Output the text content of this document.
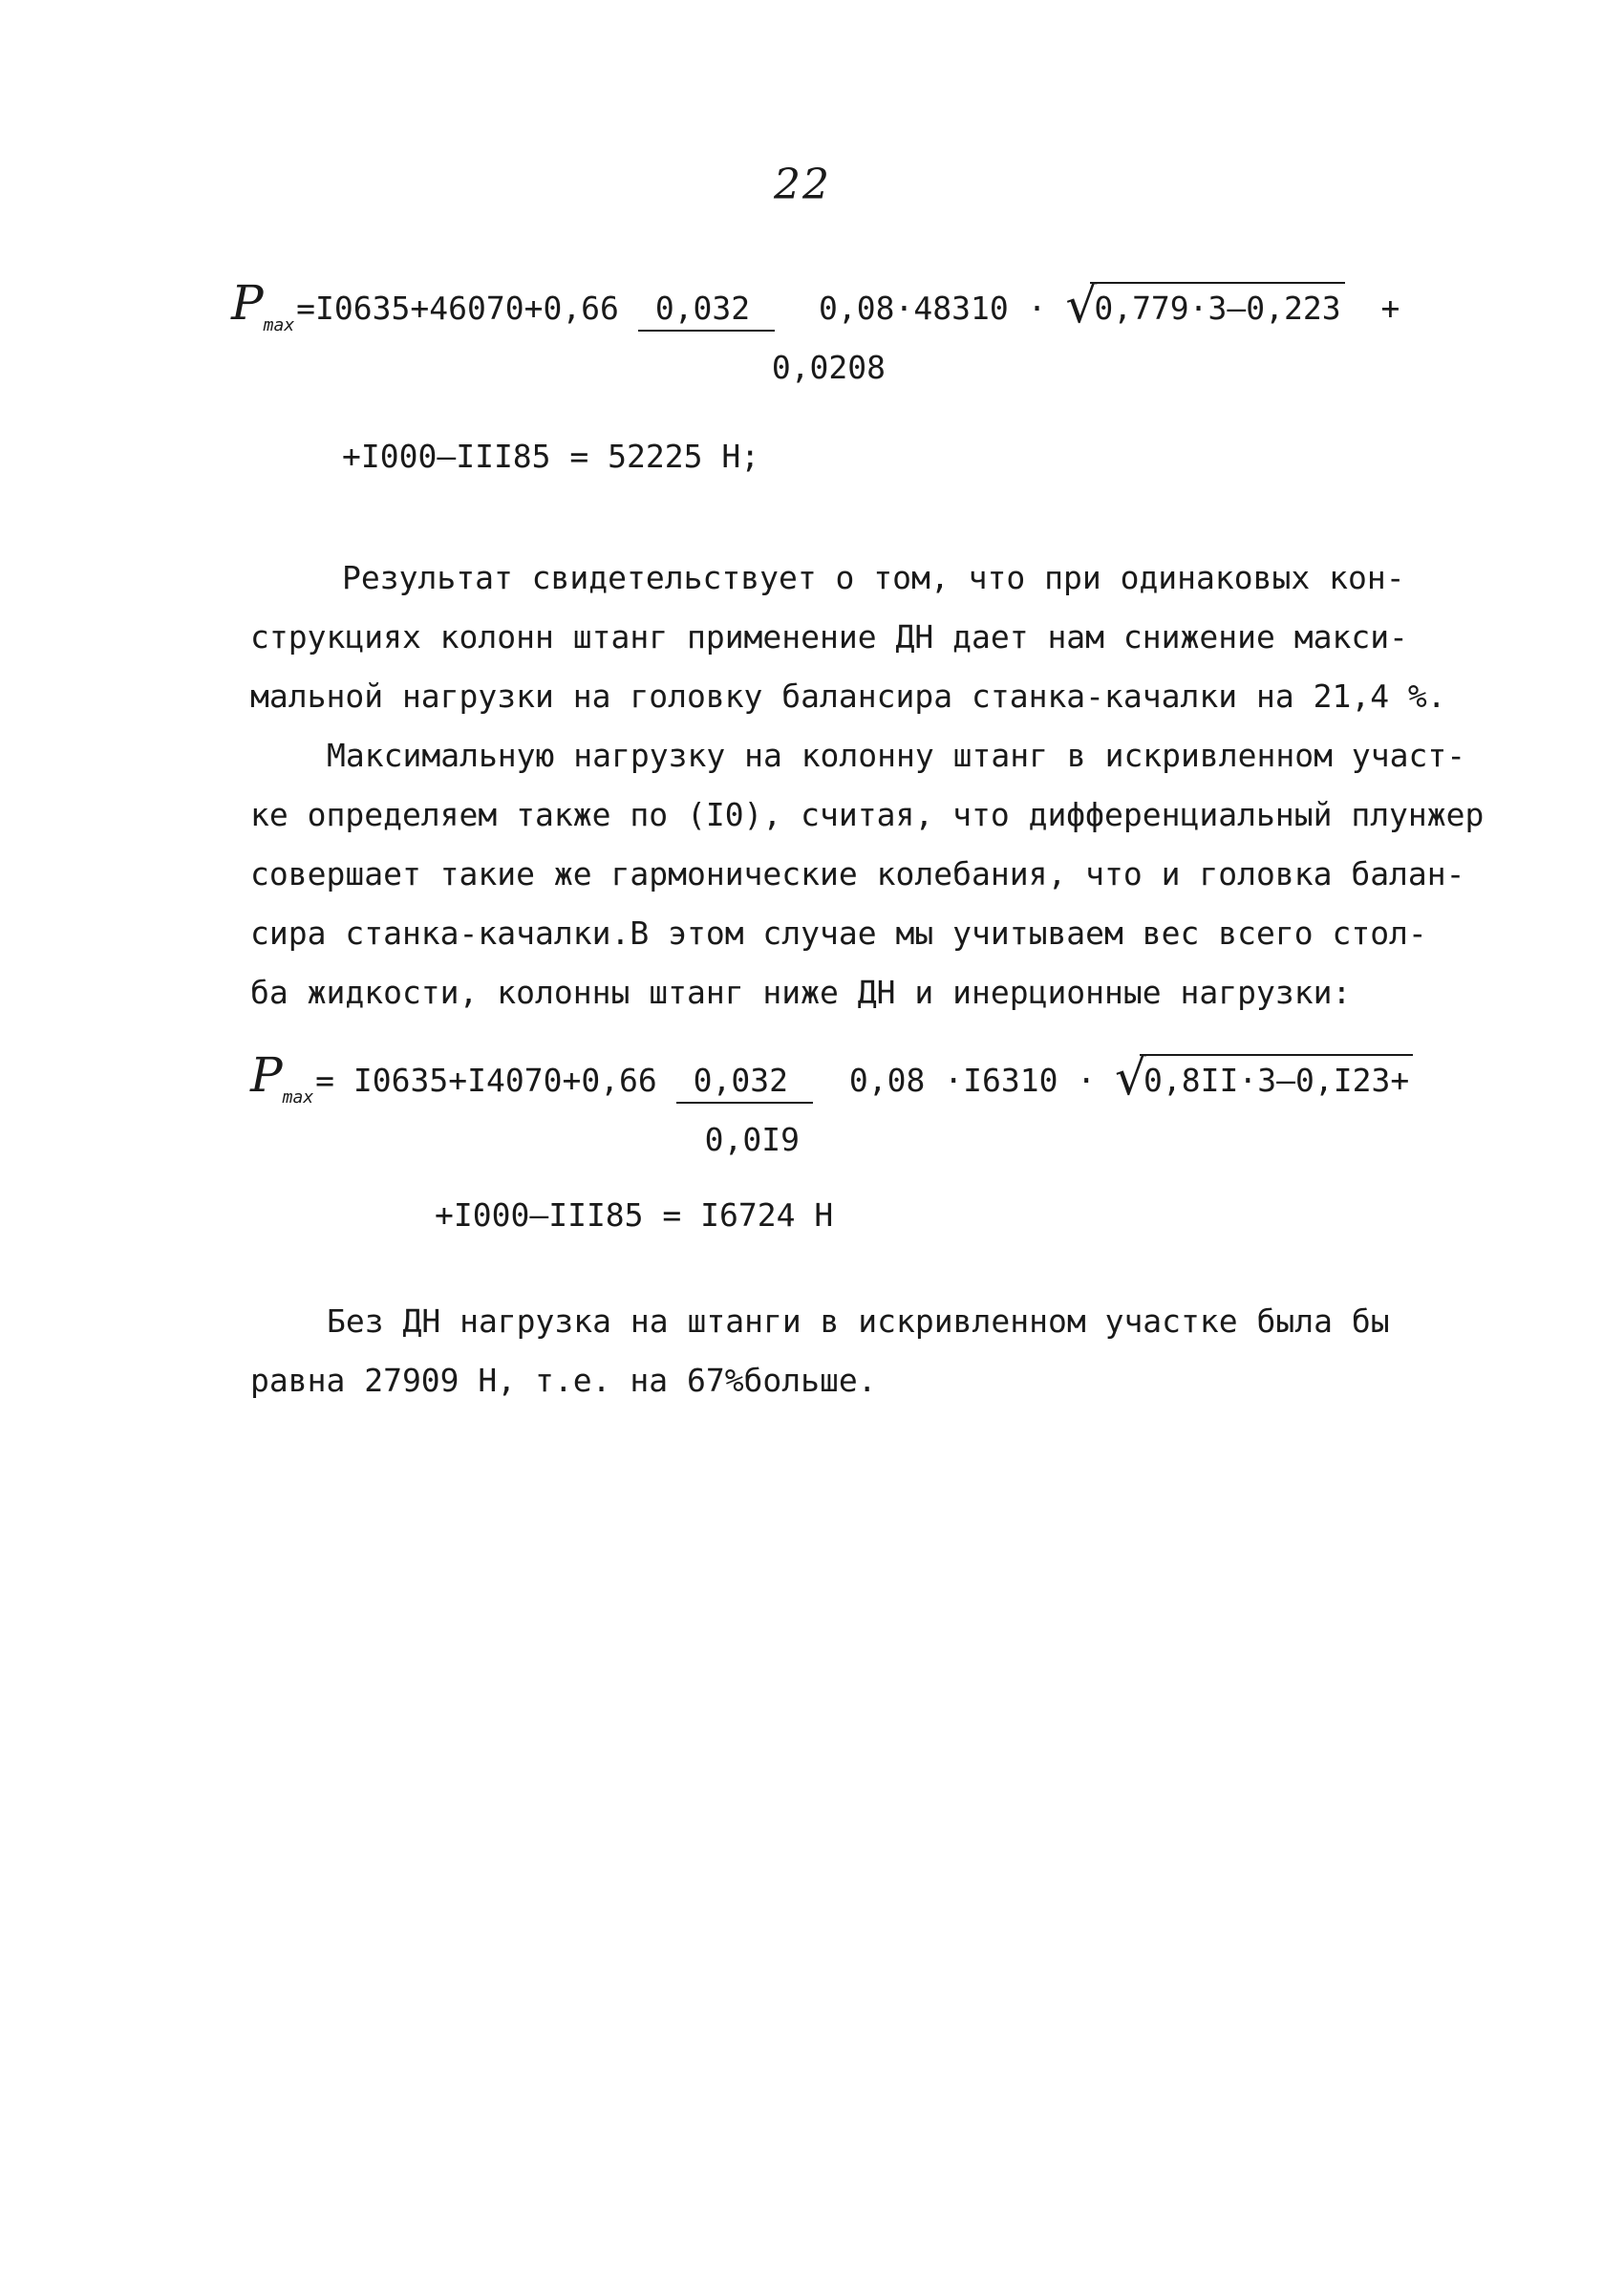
22
$P_{max}=I0635+46070+0,66$	0,032
0,0208
0,08·48310 · √
0,779·3–0,223 +
+I000–III85 = 52225 Н;

Результат свидетельствует о том, что при одинаковых кон-
струкциях колонн штанг применение ДН дает нам снижение макси-
мальной нагрузки на головку балансира станка-качалки на 21,4 %.

Максимальную нагрузку на колонну штанг в искривленном участ-
ке определяем также по (I0), считая, что дифференциальный плунжер
совершает такие же гармонические колебания, что и головка балан-
сира станка-качалки.В этом случае мы учитываем вес всего стол-
ба жидкости, колонны штанг ниже ДН и инерционные нагрузки:

$P_{max}= I0635+I4070+0,66 \frac{0,032}{0,0I9} 0,08 \cdot I6310$ · √
0,8II·3–0,I23+
+I000–III85 = I6724 Н

Без ДН нагрузка на штанги в искривленном участке была бы
равна 27909 Н, т.е. на 67%больше.
